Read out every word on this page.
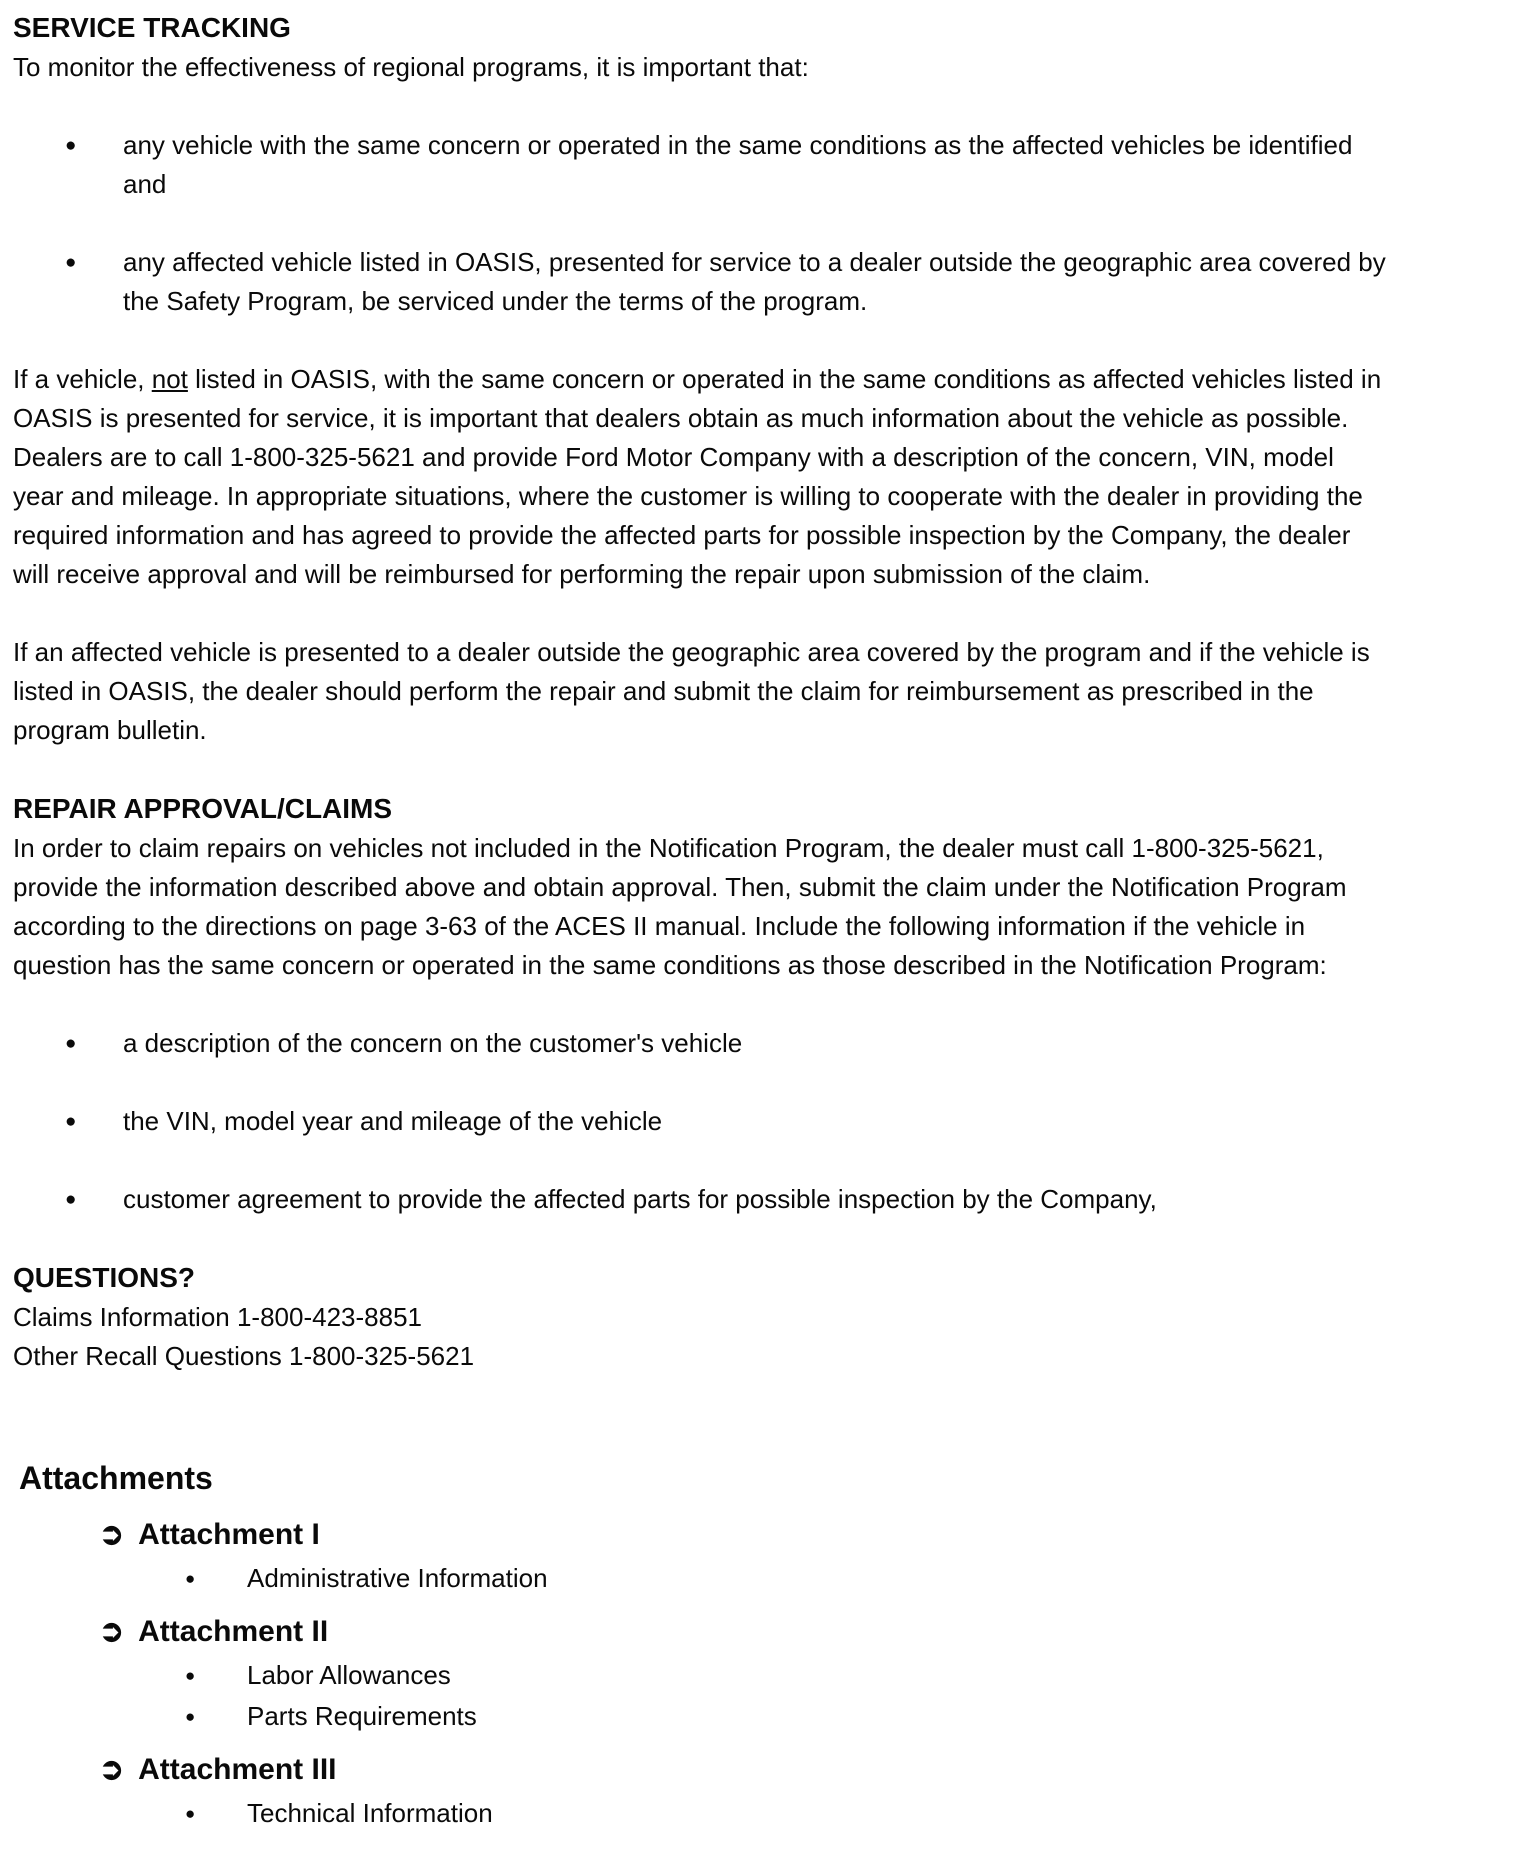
SERVICE TRACKING

To monitor the effectiveness of regional programs, it is important that:

●	any vehicle with the same concern or operated in the same conditions as the affected vehicles be identified and
●	any affected vehicle listed in OASIS, presented for service to a dealer outside the geographic area covered by the Safety Program, be serviced under the terms of the program.

If a vehicle, not listed in OASIS, with the same concern or operated in the same conditions as affected vehicles listed in OASIS is presented for service, it is important that dealers obtain as much information about the vehicle as possible. Dealers are to call 1-800-325-5621 and provide Ford Motor Company with a description of the concern, VIN, model year and mileage. In appropriate situations, where the customer is willing to cooperate with the dealer in providing the required information and has agreed to provide the affected parts for possible inspection by the Company, the dealer will receive approval and will be reimbursed for performing the repair upon submission of the claim.

If an affected vehicle is presented to a dealer outside the geographic area covered by the program and if the vehicle is listed in OASIS, the dealer should perform the repair and submit the claim for reimbursement as prescribed in the program bulletin.

REPAIR APPROVAL/CLAIMS

In order to claim repairs on vehicles not included in the Notification Program, the dealer must call 1-800-325-5621, provide the information described above and obtain approval. Then, submit the claim under the Notification Program according to the directions on page 3-63 of the ACES II manual. Include the following information if the vehicle in question has the same concern or operated in the same conditions as those described in the Notification Program:

●	a description of the concern on the customer's vehicle
●	the VIN, model year and mileage of the vehicle
●	customer agreement to provide the affected parts for possible inspection by the Company,
QUESTIONS?

Claims Information 1-800-423-8851

Other Recall Questions 1-800-325-5621

Attachments
➲ Attachment I
●	Administrative Information
➲ Attachment II
●	Labor Allowances
●	Parts Requirements
➲ Attachment III
●	Technical Information
